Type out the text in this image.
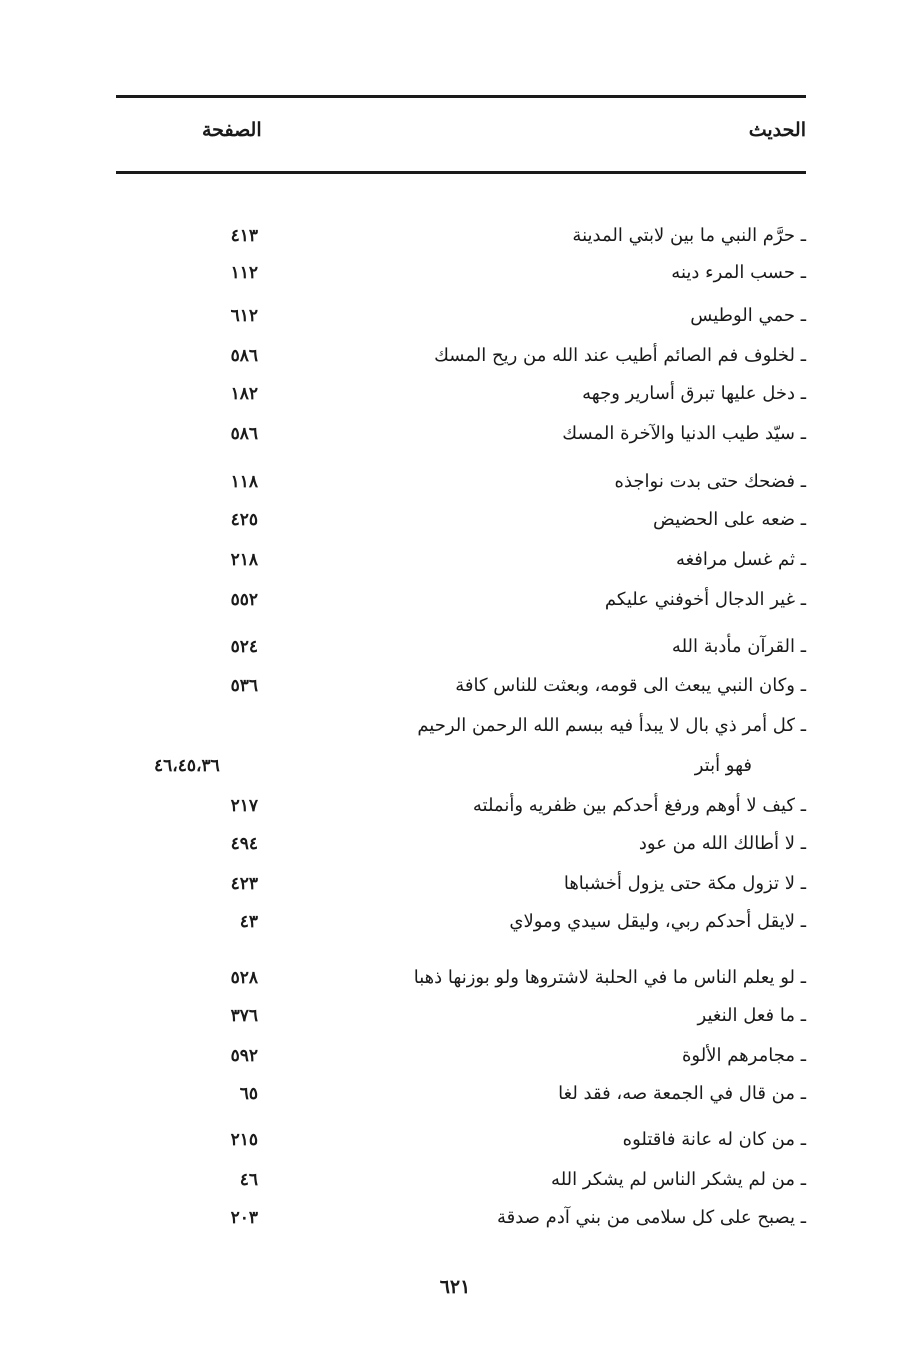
الحديث
الصفحة
ـ حرَّم النبي ما بين لابتي المدينة
٤١٣
ـ حسب المرء دينه
١١٢
ـ حمي الوطيس
٦١٢
ـ لخلوف فم الصائم أطيب عند الله من ريح المسك
٥٨٦
ـ دخل عليها تبرق أسارير وجهه
١٨٢
ـ سيّد طيب الدنيا والآخرة المسك
٥٨٦
ـ فضحك حتى بدت نواجذه
١١٨
ـ ضعه على الحضيض
٤٢٥
ـ ثم غسل مرافغه
٢١٨
ـ غير الدجال أخوفني عليكم
٥٥٢
ـ القرآن مأدبة الله
٥٢٤
ـ وكان النبي يبعث الى قومه، وبعثت للناس كافة
٥٣٦
ـ كل أمر ذي بال لا يبدأ فيه ببسم الله الرحمن الرحيم
فهو أبتر
٤٦،٤٥،٣٦
ـ كيف لا أوهم ورفغ أحدكم بين ظفريه وأنملته
٢١٧
ـ لا أطالك الله من عود
٤٩٤
ـ لا تزول مكة حتى يزول أخشباها
٤٢٣
ـ لايقل أحدكم ربي، وليقل سيدي ومولاي
٤٣
ـ لو يعلم الناس ما في الحلبة لاشتروها ولو بوزنها ذهبا
٥٢٨
ـ ما فعل النغير
٣٧٦
ـ مجامرهم الألوة
٥٩٢
ـ من قال في الجمعة صه، فقد لغا
٦٥
ـ من كان له عانة فاقتلوه
٢١٥
ـ من لم يشكر الناس لم يشكر الله
٤٦
ـ يصبح على كل سلامى من بني آدم صدقة
٢٠٣
٦٢١
